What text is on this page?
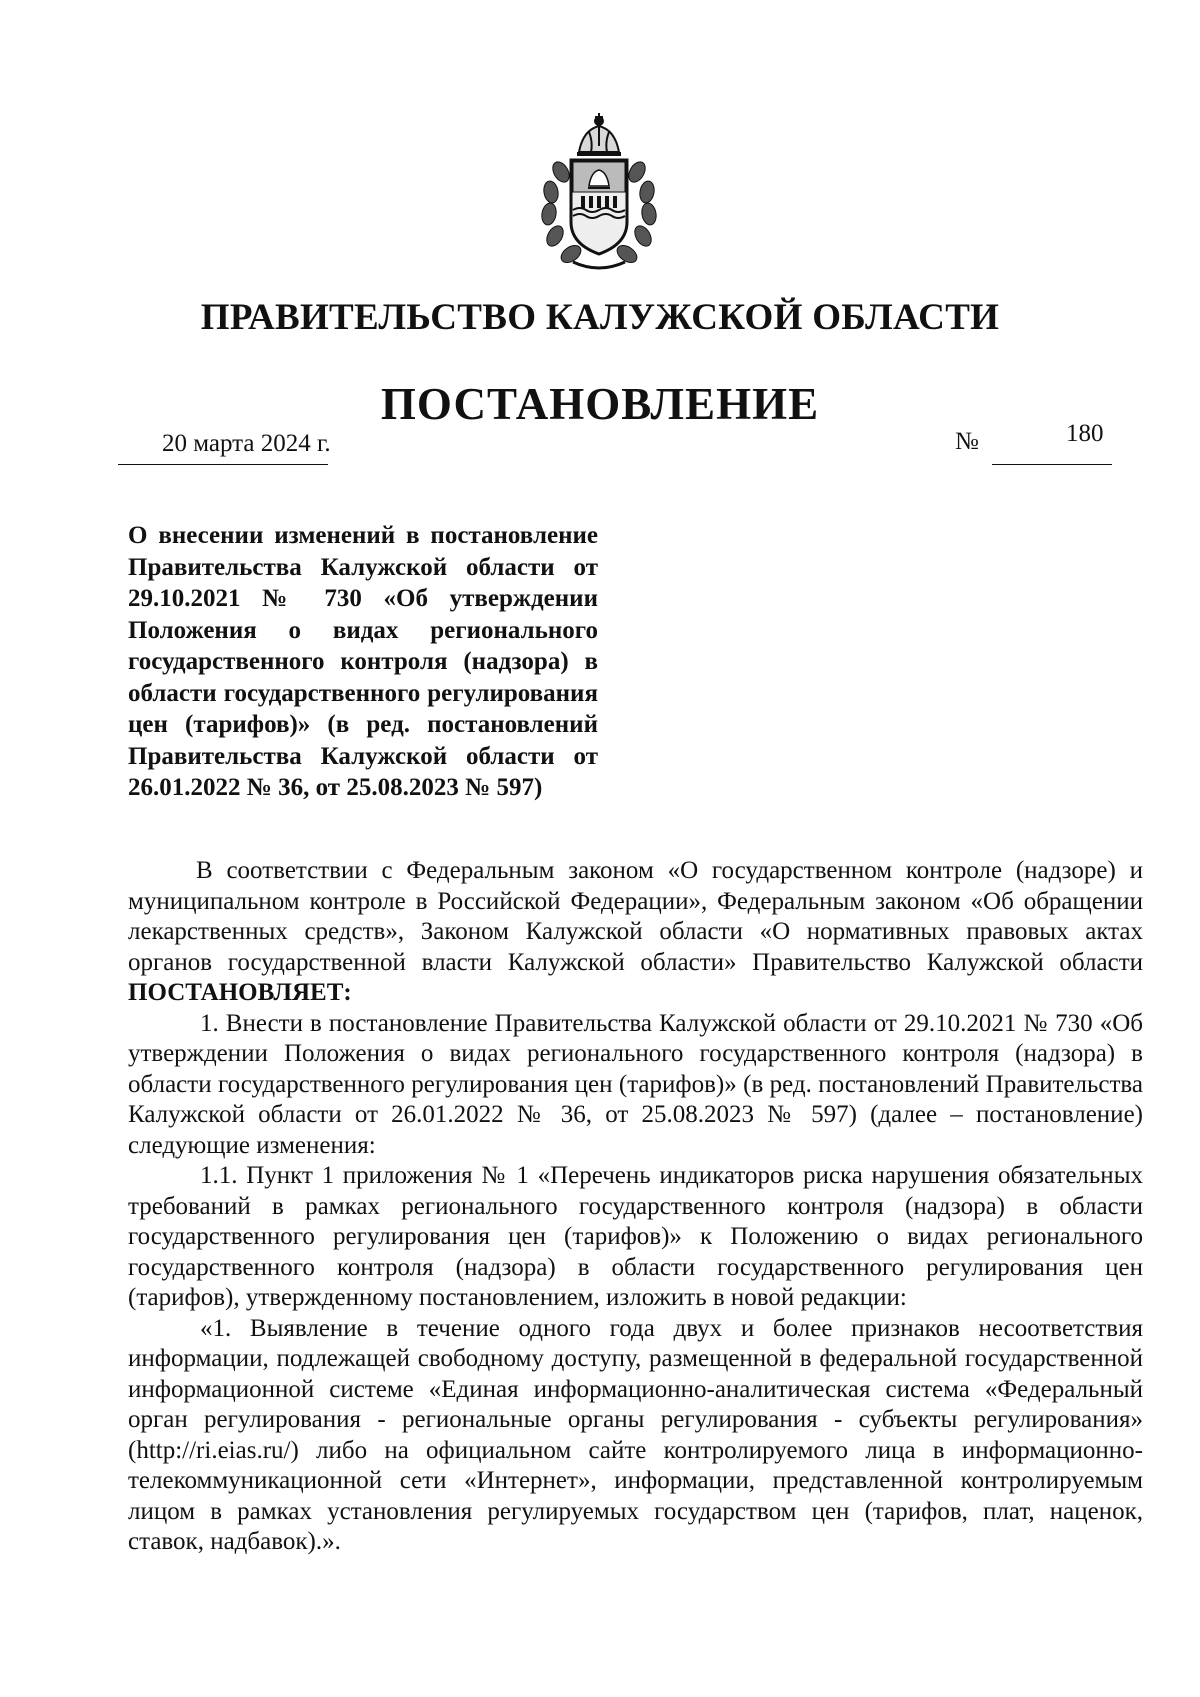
ПРАВИТЕЛЬСТВО КАЛУЖСКОЙ ОБЛАСТИ
ПОСТАНОВЛЕНИЕ
20 марта 2024 г.	№	180
О внесении изменений в постановление Правительства Калужской области от 29.10.2021 № 730 «Об утверждении Положения о видах регионального государственного контроля (надзора) в области государственного регулирования цен (тарифов)» (в ред. постановлений Правительства Калужской области от 26.01.2022 № 36, от 25.08.2023 № 597)

В соответствии с Федеральным законом «О государственном контроле (надзоре) и муниципальном контроле в Российской Федерации», Федеральным законом «Об обращении лекарственных средств», Законом Калужской области «О нормативных правовых актах органов государственной власти Калужской области» Правительство Калужской области ПОСТАНОВЛЯЕТ:

1. Внести в постановление Правительства Калужской области от 29.10.2021 № 730 «Об утверждении Положения о видах регионального государственного контроля (надзора) в области государственного регулирования цен (тарифов)» (в ред. постановлений Правительства Калужской области от 26.01.2022 № 36, от 25.08.2023 № 597) (далее – постановление) следующие изменения:

1.1. Пункт 1 приложения № 1 «Перечень индикаторов риска нарушения обязательных требований в рамках регионального государственного контроля (надзора) в области государственного регулирования цен (тарифов)» к Положению о видах регионального государственного контроля (надзора) в области государственного регулирования цен (тарифов), утвержденному постановлением, изложить в новой редакции:

«1. Выявление в течение одного года двух и более признаков несоответствия информации, подлежащей свободному доступу, размещенной в федеральной государственной информационной системе «Единая информационно-аналитическая система «Федеральный орган регулирования - региональные органы регулирования - субъекты регулирования» (http://ri.eias.ru/) либо на официальном сайте контролируемого лица в информационно-телекоммуникационной сети «Интернет», информации, представленной контролируемым лицом в рамках установления регулируемых государством цен (тарифов, плат, наценок, ставок, надбавок).».
